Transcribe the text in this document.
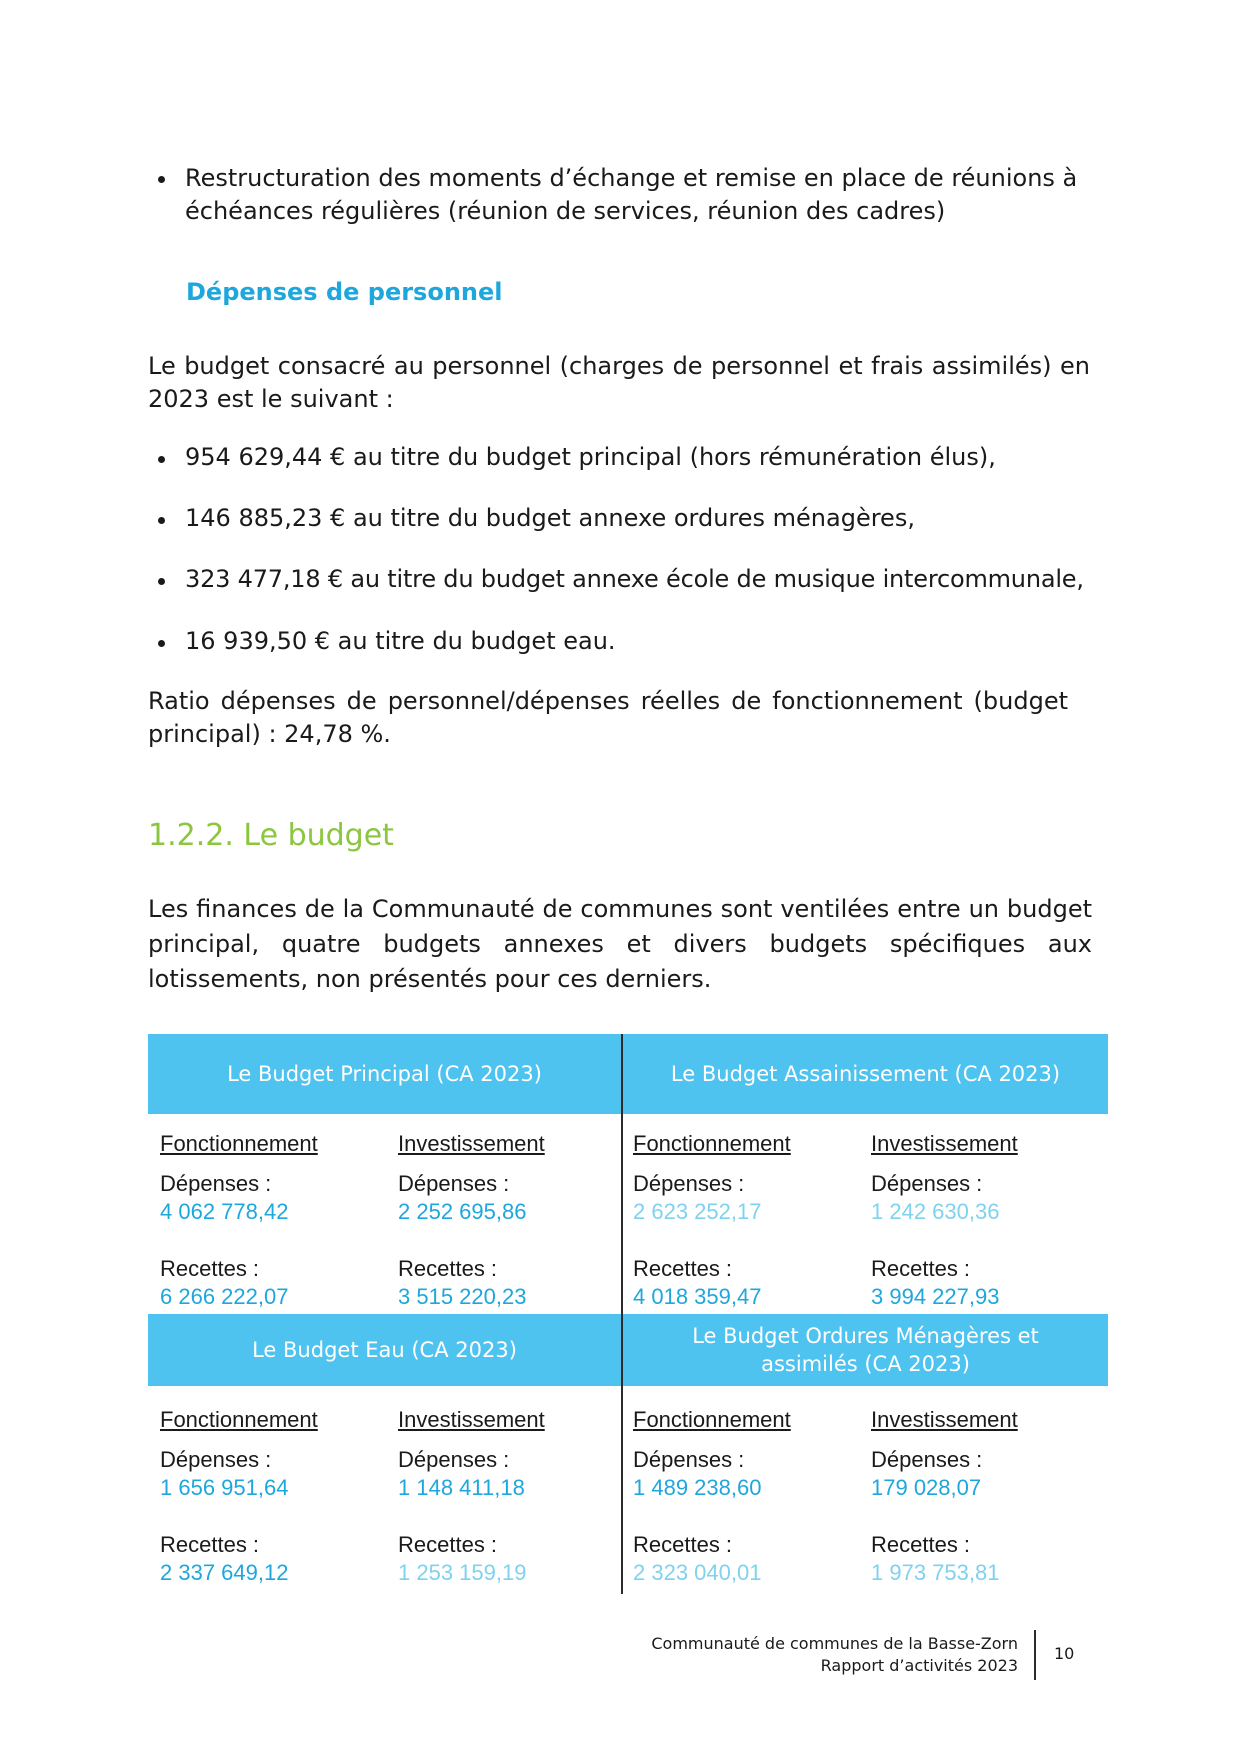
Restructuration des moments d’échange et remise en place de réunions à échéances régulières (réunion de services, réunion des cadres)
Dépenses de personnel
Le budget consacré au personnel (charges de personnel et frais assimilés) en 2023 est le suivant :
954 629,44 € au titre du budget principal (hors rémunération élus),
146 885,23 € au titre du budget annexe ordures ménagères,
323 477,18 € au titre du budget annexe école de musique intercommunale,
16 939,50 € au titre du budget eau.
Ratio dépenses de personnel/dépenses réelles de fonctionnement (budget principal) : 24,78 %.
1.2.2. Le budget
Les finances de la Communauté de communes sont ventilées entre un budget principal, quatre budgets annexes et divers budgets spécifiques aux lotissements, non présentés pour ces derniers.
Le Budget Principal (CA 2023)	Le Budget Assainissement (CA 2023)
Fonctionnement
Dépenses :
4 062 778,42
Recettes :
6 266 222,07
Investissement
Dépenses :
2 252 695,86
Recettes :
3 515 220,23
Fonctionnement
Dépenses :
2 623 252,17
Recettes :
4 018 359,47
Investissement
Dépenses :
1 242 630,36
Recettes :
3 994 227,93
Le Budget Eau (CA 2023)
Le Budget Ordures Ménagères et assimilés (CA 2023)
Fonctionnement
Dépenses :
1 656 951,64
Recettes :
2 337 649,12
Investissement
Dépenses :
1 148 411,18
Recettes :
1 253 159,19
Fonctionnement
Dépenses :
1 489 238,60
Recettes :
2 323 040,01
Investissement
Dépenses :
179 028,07
Recettes :
1 973 753,81
Communauté de communes de la Basse-Zorn
Rapport d’activités 2023
10
